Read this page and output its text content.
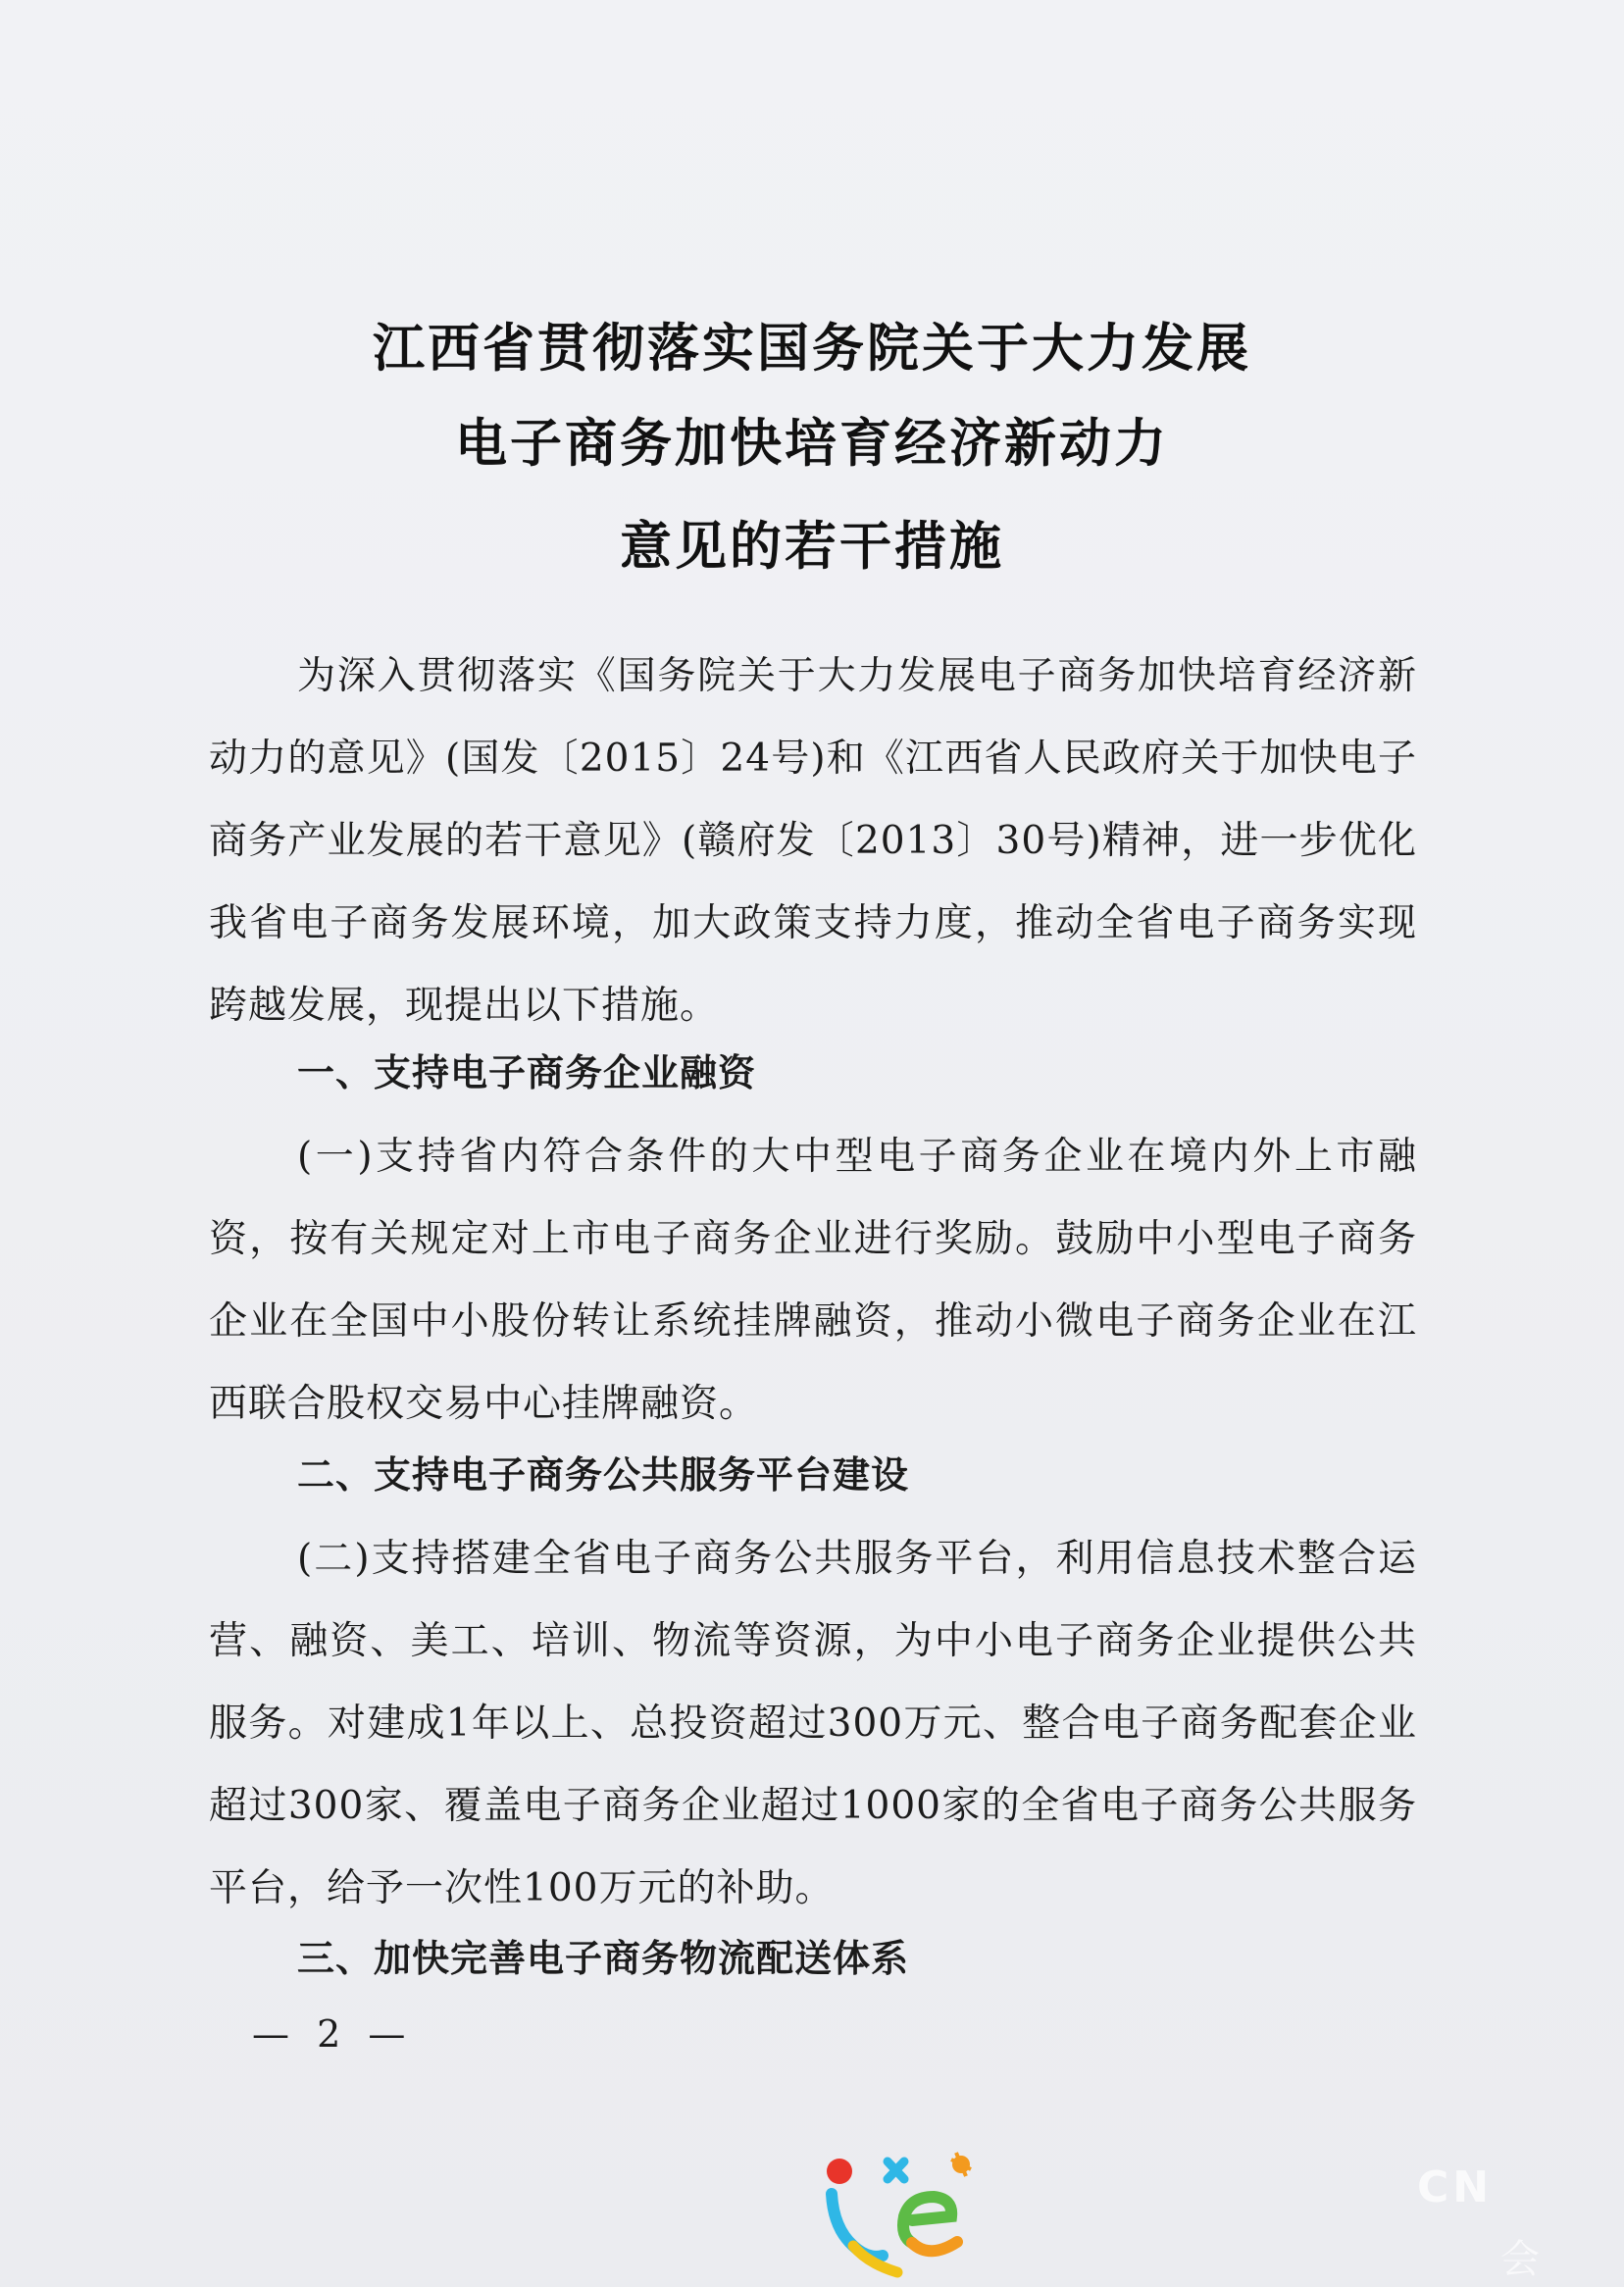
江西省贯彻落实国务院关于大力发展
电子商务加快培育经济新动力
意见的若干措施

为深入贯彻落实《国务院关于大力发展电子商务加快培育经济新动力的意见》(国发〔2015〕24号)和《江西省人民政府关于加快电子商务产业发展的若干意见》(赣府发〔2013〕30号)精神，进一步优化我省电子商务发展环境，加大政策支持力度，推动全省电子商务实现跨越发展，现提出以下措施。

一、支持电子商务企业融资

(一)支持省内符合条件的大中型电子商务企业在境内外上市融资，按有关规定对上市电子商务企业进行奖励。鼓励中小型电子商务企业在全国中小股份转让系统挂牌融资，推动小微电子商务企业在江西联合股权交易中心挂牌融资。

二、支持电子商务公共服务平台建设

(二)支持搭建全省电子商务公共服务平台，利用信息技术整合运营、融资、美工、培训、物流等资源，为中小电子商务企业提供公共服务。对建成1年以上、总投资超过300万元、整合电子商务配套企业超过300家、覆盖电子商务企业超过1000家的全省电子商务公共服务平台，给予一次性100万元的补助。

三、加快完善电子商务物流配送体系

— 2 —
CN
会
